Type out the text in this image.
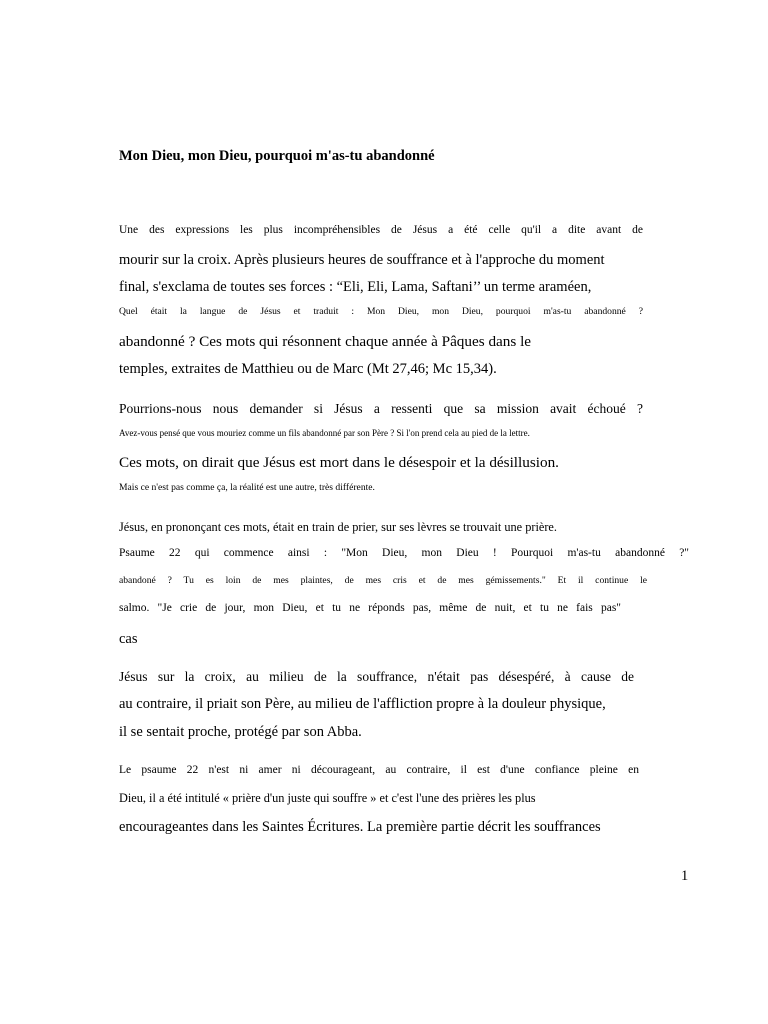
Mon Dieu, mon Dieu, pourquoi m'as-tu abandonné
Une des expressions les plus incompréhensibles de Jésus a été celle qu'il a dite avant de
mourir sur la croix. Après plusieurs heures de souffrance et à l'approche du moment
final, s'exclama de toutes ses forces : “Eli, Eli, Lama, Saftani’’ un terme araméen,
Quel était la langue de Jésus et traduit : Mon Dieu, mon Dieu, pourquoi m'as-tu abandonné ?
abandonné ? Ces mots qui résonnent chaque année à Pâques dans le
temples, extraites de Matthieu ou de Marc (Mt 27,46; Mc 15,34).
Pourrions-nous nous demander si Jésus a ressenti que sa mission avait échoué ?
Avez-vous pensé que vous mouriez comme un fils abandonné par son Père ? Si l'on prend cela au pied de la lettre.
Ces mots, on dirait que Jésus est mort dans le désespoir et la désillusion.
Mais ce n'est pas comme ça, la réalité est une autre, très différente.
Jésus, en prononçant ces mots, était en train de prier, sur ses lèvres se trouvait une prière.
Psaume 22 qui commence ainsi : "Mon Dieu, mon Dieu ! Pourquoi m'as-tu abandonné ?"
abandoné ? Tu es loin de mes plaintes, de mes cris et de mes gémissements." Et il continue le
salmo. "Je crie de jour, mon Dieu, et tu ne réponds pas, même de nuit, et tu ne fais pas"
cas
Jésus sur la croix, au milieu de la souffrance, n'était pas désespéré, à cause de
au contraire, il priait son Père, au milieu de l'affliction propre à la douleur physique,
il se sentait proche, protégé par son Abba.
Le psaume 22 n'est ni amer ni décourageant, au contraire, il est d'une confiance pleine en
Dieu, il a été intitulé « prière d'un juste qui souffre » et c'est l'une des prières les plus
encourageantes dans les Saintes Écritures. La première partie décrit les souffrances
1
